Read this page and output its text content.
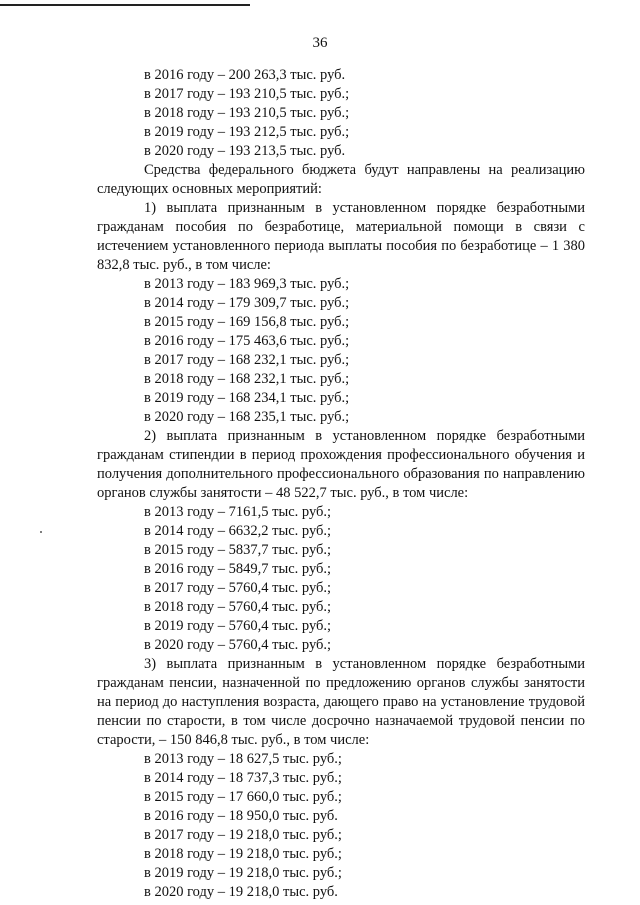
36
в 2016 году – 200 263,3 тыс. руб.
в 2017 году – 193 210,5 тыс. руб.;
в 2018 году – 193 210,5 тыс. руб.;
в 2019 году – 193 212,5 тыс. руб.;
в 2020 году – 193 213,5 тыс. руб.
Средства федерального бюджета будут направлены на реализацию следующих основных мероприятий:
1) выплата признанным в установленном порядке безработными гражданам пособия по безработице, материальной помощи в связи с истечением установленного периода выплаты пособия по безработице – 1 380 832,8 тыс. руб., в том числе:
в 2013 году – 183 969,3 тыс. руб.;
в 2014 году – 179 309,7 тыс. руб.;
в 2015 году – 169 156,8 тыс. руб.;
в 2016 году – 175 463,6 тыс. руб.;
в 2017 году – 168 232,1 тыс. руб.;
в 2018 году – 168 232,1 тыс. руб.;
в 2019 году – 168 234,1 тыс. руб.;
в 2020 году – 168 235,1 тыс. руб.;
2) выплата признанным в установленном порядке безработными гражданам стипендии в период прохождения профессионального обучения и получения дополнительного профессионального образования по направлению органов службы занятости – 48 522,7 тыс. руб., в том числе:
в 2013 году – 7161,5 тыс. руб.;
в 2014 году – 6632,2 тыс. руб.;
в 2015 году – 5837,7 тыс. руб.;
в 2016 году – 5849,7 тыс. руб.;
в 2017 году – 5760,4 тыс. руб.;
в 2018 году – 5760,4 тыс. руб.;
в 2019 году – 5760,4 тыс. руб.;
в 2020 году – 5760,4 тыс. руб.;
3) выплата признанным в установленном порядке безработными гражданам пенсии, назначенной по предложению органов службы занятости на период до наступления возраста, дающего право на установление трудовой пенсии по старости, в том числе досрочно назначаемой трудовой пенсии по старости, – 150 846,8 тыс. руб., в том числе:
в 2013 году – 18 627,5 тыс. руб.;
в 2014 году – 18 737,3 тыс. руб.;
в 2015 году – 17 660,0 тыс. руб.;
в 2016 году – 18 950,0 тыс. руб.
в 2017 году – 19 218,0 тыс. руб.;
в 2018 году – 19 218,0 тыс. руб.;
в 2019 году – 19 218,0 тыс. руб.;
в 2020 году – 19 218,0 тыс. руб.
